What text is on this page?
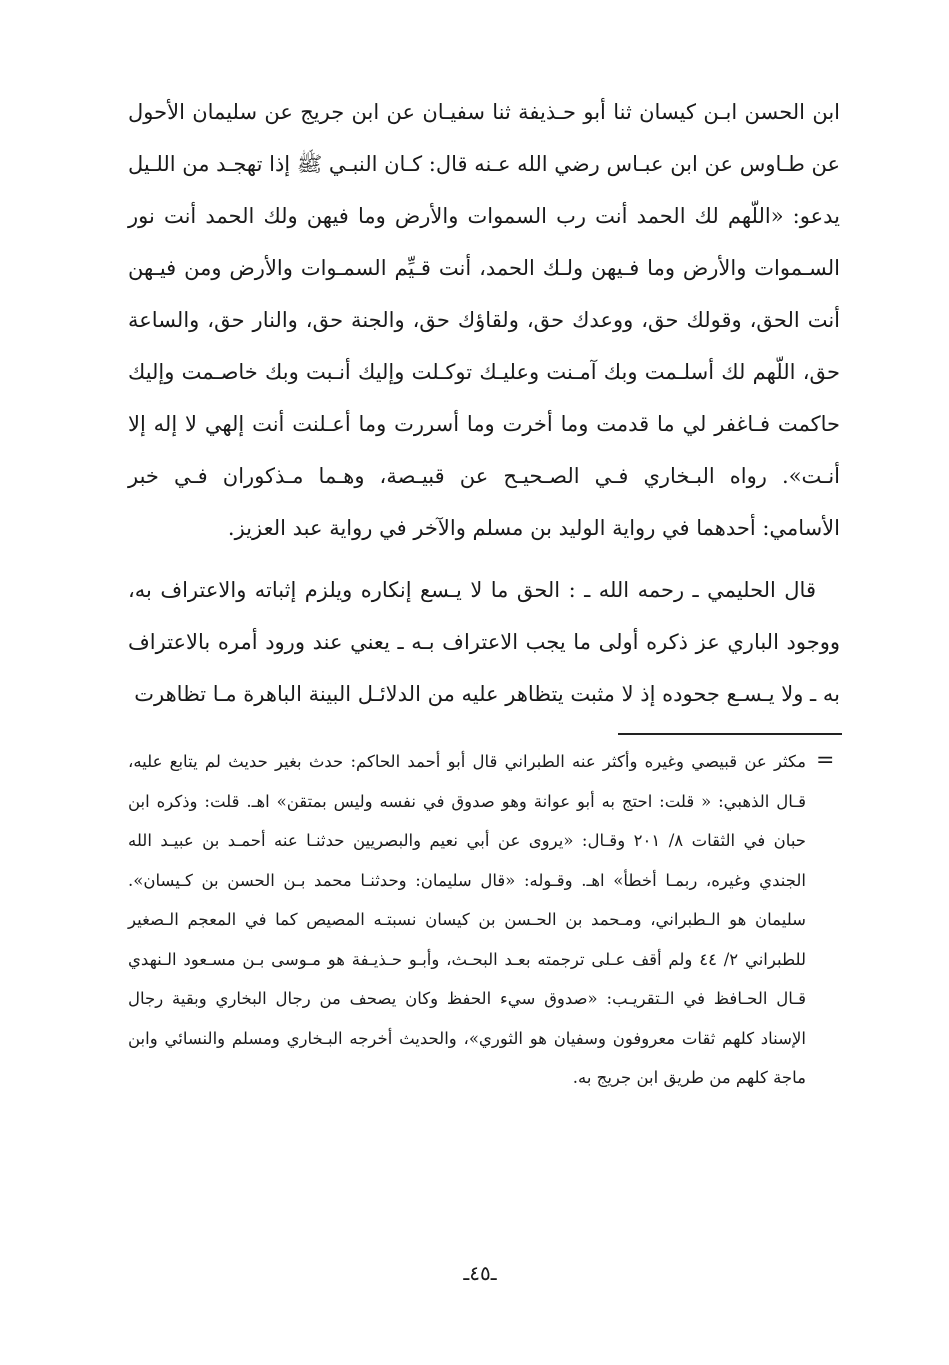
ابن الحسن ابـن كيسان ثنا أبو حـذيفة ثنا سفيـان عن ابن جريج عن سليمان الأحول عن طـاوس عن ابن عبـاس رضي الله عـنه قال: كـان النبـي ﷺ إذا تهجـد من اللـيل يدعو: «اللّهم لك الحمد أنت رب السموات والأرض وما فيهن ولك الحمد أنت نور السـموات والأرض وما فـيهن ولـك الحمد، أنت قـيِّم السمـوات والأرض ومن فيـهن أنت الحق، وقولك حق، ووعدك حق، ولقاؤك حق، والجنة حق، والنار حق، والساعة حق، اللّهم لك أسلـمت وبك آمـنت وعليـك توكـلت وإليك أنـبت وبك خاصـمت وإليك حاكمت فـاغفر لي ما قدمت وما أخرت وما أسررت وما أعـلنت أنت إلهي لا إله إلا أنـت». رواه البـخاري فـي الصـحيـح عن قبيـصة، وهـما مـذكوران فـي خبر الأسامي: أحدهما في رواية الوليد بن مسلم والآخر في رواية عبد العزيز.

قال الحليمي ـ رحمه الله ـ : الحق ما لا يـسع إنكاره ويلزم إثباته والاعتراف به، ووجود الباري عز ذكره أولى ما يجب الاعتراف بـه ـ يعني عند ورود أمره بالاعتراف به ـ ولا يـسـع جحوده إذ لا مثبت يتظاهر عليه من الدلائـل البينة الباهرة مـا تظاهرت

=

مكثر عن قبيصي وغيره وأكثر عنه الطبراني قال أبو أحمد الحاكم: حدث بغير حديث لم يتابع عليه، قـال الذهبي: « قلت: احتج به أبو عوانة وهو صدوق في نفسه وليس بمتقن» اهـ. قلت: وذكره ابن حبان في الثقات ٨/ ٢٠١ وقـال: «يروى عن أبي نعيم والبصريين حدثنـا عنه أحمـد بن عبيـد الله الجندي وغيره، ربمـا أخطأ» اهـ. وقـوله: «قال سليمان: وحدثنـا محمد بـن الحسن بن كـيسان». سليمان هو الـطبراني، ومـحمد بن الحـسن بن كيسان نسبتـه المصيص كما في المعجم الـصغير للطبراني ٢/ ٤٤ ولم أقف عـلى ترجمته بعـد البحـث، وأبـو حـذيـفة هو مـوسى بـن مسـعود الـنهدي قـال الحـافظ في الـتقريـب: «صدوق سيء الحفظ وكان يصحف من رجال البخاري وبقية رجال الإسناد كلهم ثقات معروفون وسفيان هو الثوري»، والحديث أخرجه البـخاري ومسلم والنسائي وابن ماجة كلهم من طريق ابن جريج به.

ـ٤٥ـ
